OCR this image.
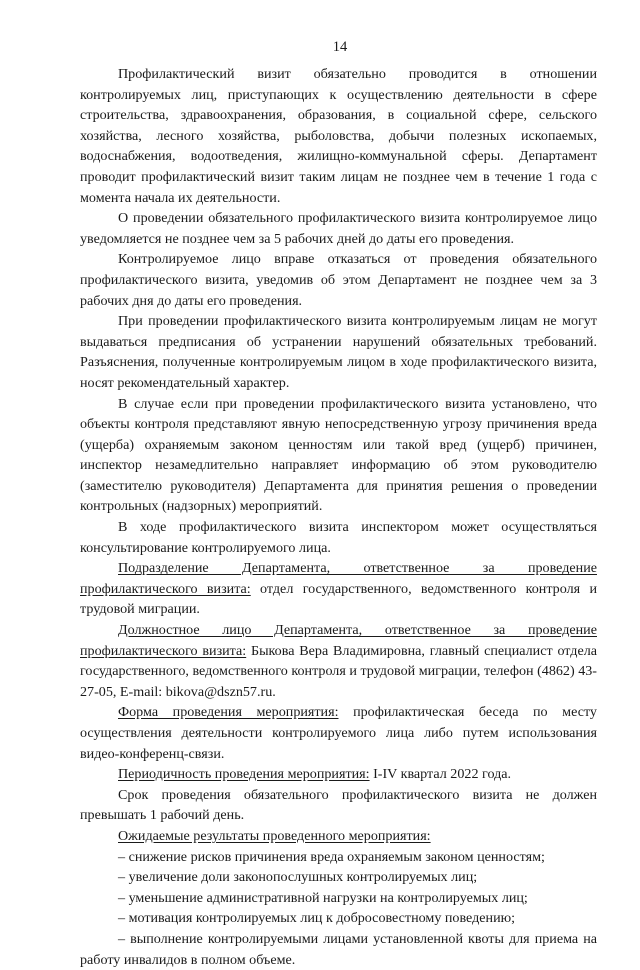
14

Профилактический визит обязательно проводится в отношении контролируемых лиц, приступающих к осуществлению деятельности в сфере строительства, здравоохранения, образования, в социальной сфере, сельского хозяйства, лесного хозяйства, рыболовства, добычи полезных ископаемых, водоснабжения, водоотведения, жилищно-коммунальной сферы. Департамент проводит профилактический визит таким лицам не позднее чем в течение 1 года с момента начала их деятельности.

О проведении обязательного профилактического визита контролируемое лицо уведомляется не позднее чем за 5 рабочих дней до даты его проведения.

Контролируемое лицо вправе отказаться от проведения обязательного профилактического визита, уведомив об этом Департамент не позднее чем за 3 рабочих дня до даты его проведения.

При проведении профилактического визита контролируемым лицам не могут выдаваться предписания об устранении нарушений обязательных требований. Разъяснения, полученные контролируемым лицом в ходе профилактического визита, носят рекомендательный характер.

В случае если при проведении профилактического визита установлено, что объекты контроля представляют явную непосредственную угрозу причинения вреда (ущерба) охраняемым законом ценностям или такой вред (ущерб) причинен, инспектор незамедлительно направляет информацию об этом руководителю (заместителю руководителя) Департамента для принятия решения о проведении контрольных (надзорных) мероприятий.

В ходе профилактического визита инспектором может осуществляться консультирование контролируемого лица.

Подразделение Департамента, ответственное за проведение профилактического визита: отдел государственного, ведомственного контроля и трудовой миграции.

Должностное лицо Департамента, ответственное за проведение профилактического визита: Быкова Вера Владимировна, главный специалист отдела государственного, ведомственного контроля и трудовой миграции, телефон (4862) 43-27-05, E-mail: bikova@dszn57.ru.

Форма проведения мероприятия: профилактическая беседа по месту осуществления деятельности контролируемого лица либо путем использования видео-конференц-связи.

Периодичность проведения мероприятия: I-IV квартал 2022 года.

Срок проведения обязательного профилактического визита не должен превышать 1 рабочий день.

Ожидаемые результаты проведенного мероприятия:

– снижение рисков причинения вреда охраняемым законом ценностям;

– увеличение доли законопослушных контролируемых лиц;

– уменьшение административной нагрузки на контролируемых лиц;

– мотивация контролируемых лиц к добросовестному поведению;

– выполнение контролируемыми лицами установленной квоты для приема на работу инвалидов в полном объеме.
